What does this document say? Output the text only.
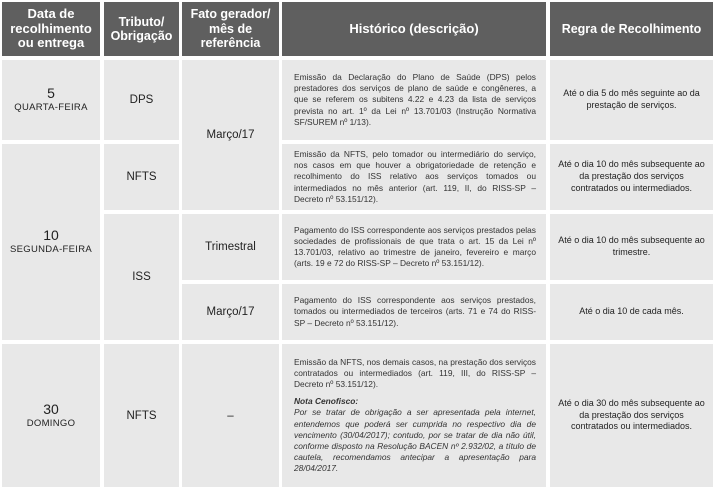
Data de
recolhimento
ou entrega
Tributo/
Obrigação
Fato gerador/
mês de
referência
Histórico (descrição)	Regra de Recolhimento
5
QUARTA-FEIRA
10
SEGUNDA-FEIRA
30
DOMINGO
DPS
NFTS
ISS
NFTS
Março/17
Trimestral
Março/17
–

Emissão da Declaração do Plano de Saúde (DPS) pelos prestadores dos serviços de plano de saúde e congêneres, a que se referem os subitens 4.22 e 4.23 da lista de serviços prevista no art. 1º da Lei nº 13.701/03 (Instrução Normativa SF/SUREM nº 1/13).

Emissão da NFTS, pelo tomador ou intermediário do serviço, nos casos em que houver a obrigatoriedade de retenção e recolhimento do ISS relativo aos serviços tomados ou intermediados no mês anterior (art. 119, II, do RISS-SP – Decreto nº 53.151/12).

Pagamento do ISS correspondente aos serviços prestados pelas sociedades de profissionais de que trata o art. 15 da Lei nº 13.701/03, relativo ao trimestre de janeiro, fevereiro e março (arts. 19 e 72 do RISS-SP – Decreto nº 53.151/12).

Pagamento do ISS correspondente aos serviços prestados, tomados ou intermediados de terceiros (arts. 71 e 74 do RISS-SP – Decreto nº 53.151/12).

Emissão da NFTS, nos demais casos, na prestação dos serviços contratados ou intermediados (art. 119, III, do RISS-SP – Decreto nº 53.151/12).

Nota Cenofisco:
Por se tratar de obrigação a ser apresentada pela internet, entendemos que poderá ser cumprida no respectivo dia de vencimento (30/04/2017); contudo, por se tratar de dia não útil, conforme disposto na Resolução BACEN nº 2.932/02, a título de cautela, recomendamos antecipar a apresentação para 28/04/2017.

Até o dia 5 do mês seguinte ao da prestação de serviços.
Até o dia 10 do mês subsequente ao da prestação dos serviços contratados ou intermediados.
Até o dia 10 do mês subsequente ao trimestre.
Até o dia 10 de cada mês.
Até o dia 30 do mês subsequente ao da prestação dos serviços contratados ou intermediados.
